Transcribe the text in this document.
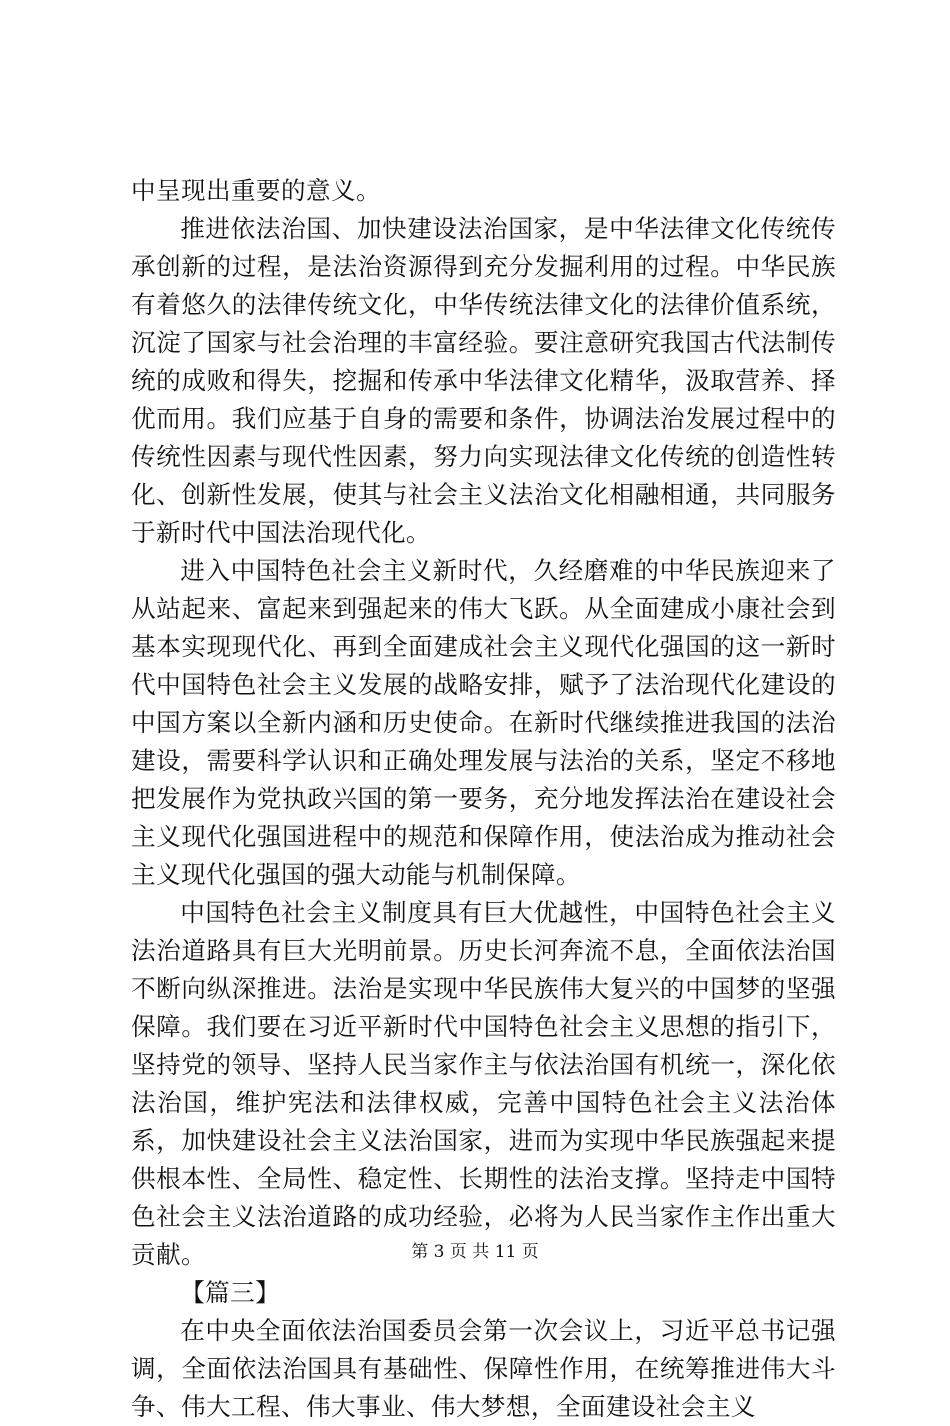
中呈现出重要的意义。

推进依法治国、加快建设法治国家，是中华法律文化传统传承创新的过程，是法治资源得到充分发掘利用的过程。中华民族有着悠久的法律传统文化，中华传统法律文化的法律价值系统，沉淀了国家与社会治理的丰富经验。要注意研究我国古代法制传统的成败和得失，挖掘和传承中华法律文化精华，汲取营养、择优而用。我们应基于自身的需要和条件，协调法治发展过程中的传统性因素与现代性因素，努力向实现法律文化传统的创造性转化、创新性发展，使其与社会主义法治文化相融相通，共同服务于新时代中国法治现代化。

进入中国特色社会主义新时代，久经磨难的中华民族迎来了从站起来、富起来到强起来的伟大飞跃。从全面建成小康社会到基本实现现代化、再到全面建成社会主义现代化强国的这一新时代中国特色社会主义发展的战略安排，赋予了法治现代化建设的中国方案以全新内涵和历史使命。在新时代继续推进我国的法治建设，需要科学认识和正确处理发展与法治的关系，坚定不移地把发展作为党执政兴国的第一要务，充分地发挥法治在建设社会主义现代化强国进程中的规范和保障作用，使法治成为推动社会主义现代化强国的强大动能与机制保障。

中国特色社会主义制度具有巨大优越性，中国特色社会主义法治道路具有巨大光明前景。历史长河奔流不息，全面依法治国不断向纵深推进。法治是实现中华民族伟大复兴的中国梦的坚强保障。我们要在习近平新时代中国特色社会主义思想的指引下，坚持党的领导、坚持人民当家作主与依法治国有机统一，深化依法治国，维护宪法和法律权威，完善中国特色社会主义法治体系，加快建设社会主义法治国家，进而为实现中华民族强起来提供根本性、全局性、稳定性、长期性的法治支撑。坚持走中国特色社会主义法治道路的成功经验，必将为人民当家作主作出重大贡献。

【篇三】

在中央全面依法治国委员会第一次会议上，习近平总书记强调，全面依法治国具有基础性、保障性作用，在统筹推进伟大斗争、伟大工程、伟大事业、伟大梦想，全面建设社会主义

第 3 页 共 11 页
